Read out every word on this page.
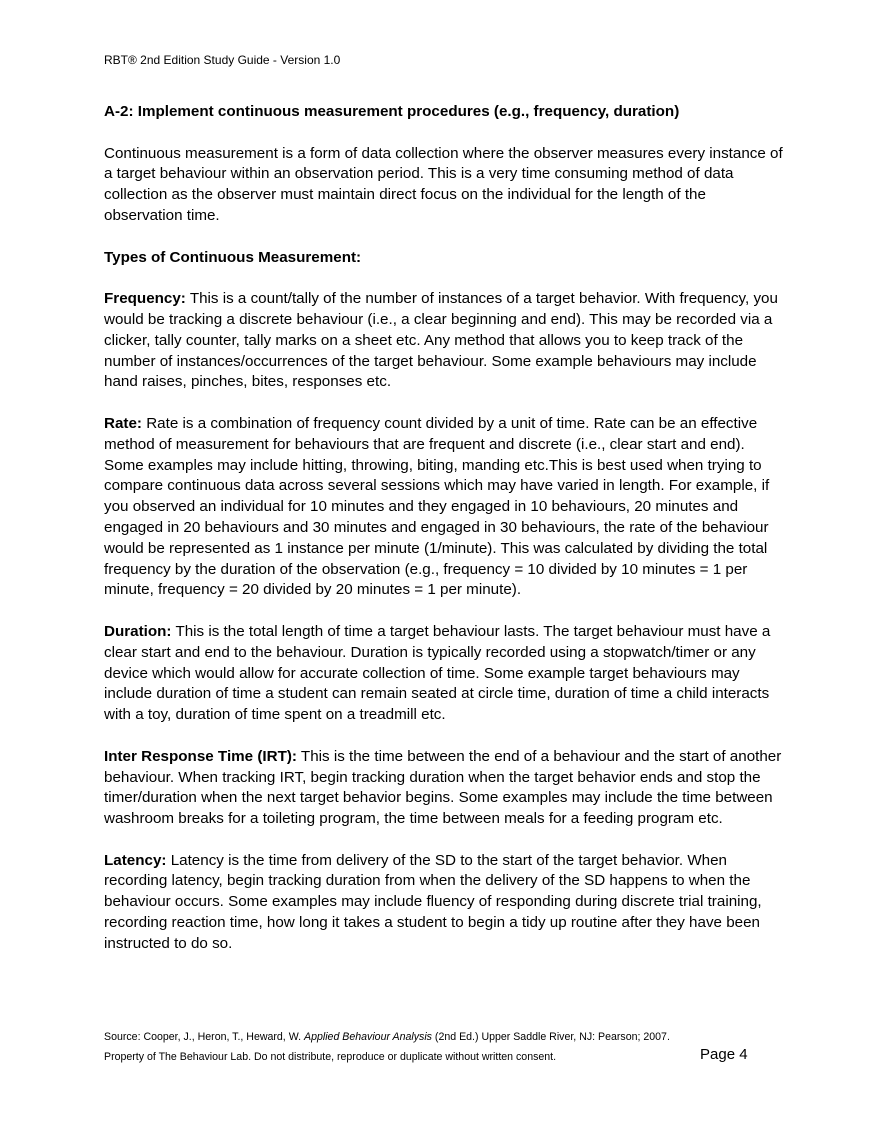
RBT® 2nd Edition Study Guide - Version 1.0
A-2: Implement continuous measurement procedures (e.g., frequency, duration)

Continuous measurement is a form of data collection where the observer measures every instance of a target behaviour within an observation period. This is a very time consuming method of data collection as the observer must maintain direct focus on the individual for the length of the observation time.

Types of Continuous Measurement:

Frequency: This is a count/tally of the number of instances of a target behavior. With frequency, you would be tracking a discrete behaviour (i.e., a clear beginning and end). This may be recorded via a clicker, tally counter, tally marks on a sheet etc. Any method that allows you to keep track of the number of instances/occurrences of the target behaviour. Some example behaviours may include hand raises, pinches, bites, responses etc.

Rate: Rate is a combination of frequency count divided by a unit of time. Rate can be an effective method of measurement for behaviours that are frequent and discrete (i.e., clear start and end). Some examples may include hitting, throwing, biting, manding etc.This is best used when trying to compare continuous data across several sessions which may have varied in length. For example, if you observed an individual for 10 minutes and they engaged in 10 behaviours, 20 minutes and engaged in 20 behaviours and 30 minutes and engaged in 30 behaviours, the rate of the behaviour would be represented as 1 instance per minute (1/minute). This was calculated by dividing the total frequency by the duration of the observation (e.g., frequency = 10 divided by 10 minutes = 1 per minute, frequency = 20 divided by 20 minutes = 1 per minute).

Duration: This is the total length of time a target behaviour lasts. The target behaviour must have a clear start and end to the behaviour. Duration is typically recorded using a stopwatch/timer or any device which would allow for accurate collection of time. Some example target behaviours may include duration of time a student can remain seated at circle time, duration of time a child interacts with a toy, duration of time spent on a treadmill etc.

Inter Response Time (IRT): This is the time between the end of a behaviour and the start of another behaviour. When tracking IRT, begin tracking duration when the target behavior ends and stop the timer/duration when the next target behavior begins. Some examples may include the time between washroom breaks for a toileting program, the time between meals for a feeding program etc.

Latency: Latency is the time from delivery of the SD to the start of the target behavior. When recording latency, begin tracking duration from when the delivery of the SD happens to when the behaviour occurs. Some examples may include fluency of responding during discrete trial training, recording reaction time, how long it takes a student to begin a tidy up routine after they have been instructed to do so.

Source: Cooper, J., Heron, T., Heward, W. Applied Behaviour Analysis (2nd Ed.) Upper Saddle River, NJ: Pearson; 2007.
Property of The Behaviour Lab. Do not distribute, reproduce or duplicate without written consent.	Page 4
